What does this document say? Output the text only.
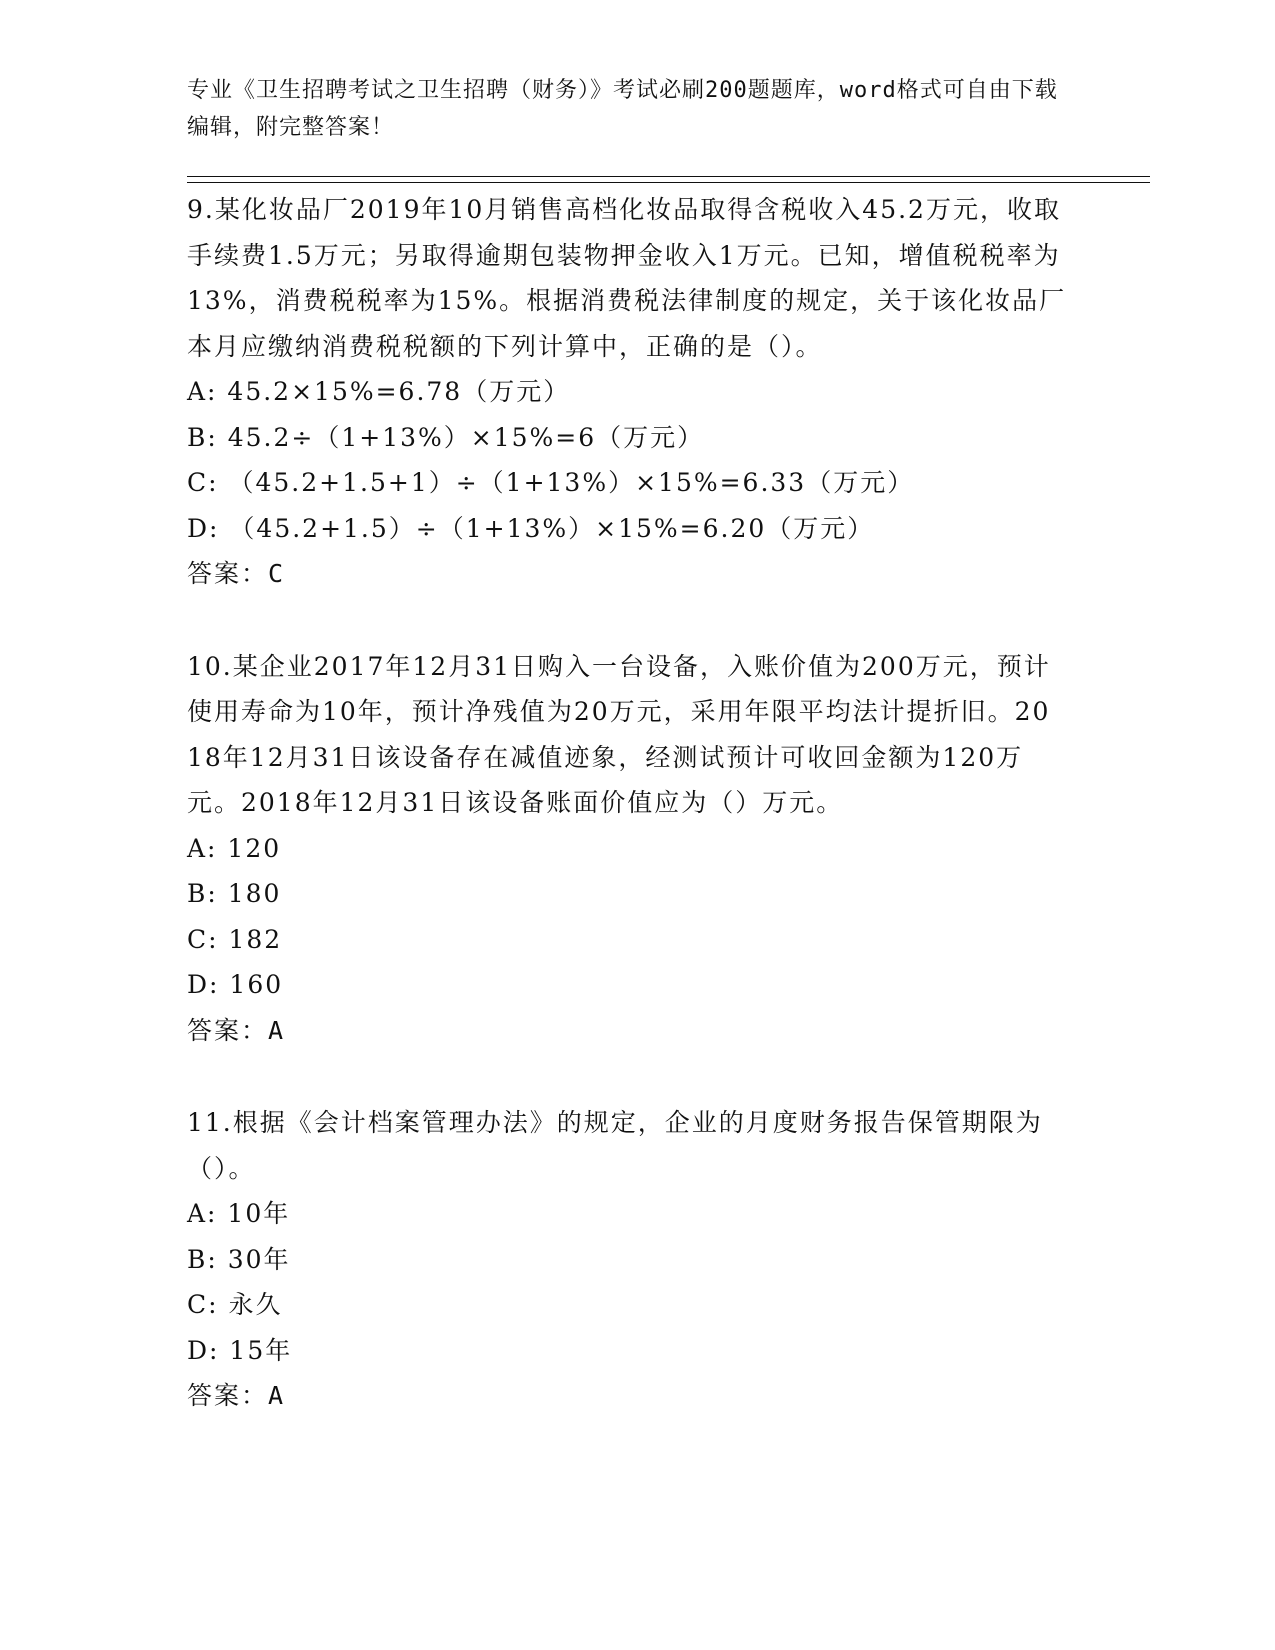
专业《卫生招聘考试之卫生招聘（财务）》考试必刷200题题库，word格式可自由下载编辑，附完整答案！
9.某化妆品厂2019年10月销售高档化妆品取得含税收入45.2万元，收取手续费1.5万元；另取得逾期包装物押金收入1万元。已知，增值税税率为13%，消费税税率为15%。根据消费税法律制度的规定，关于该化妆品厂本月应缴纳消费税税额的下列计算中，正确的是（）。
A: 45.2×15%=6.78（万元）
B: 45.2÷（1+13%）×15%=6（万元）
C: （45.2+1.5+1）÷（1+13%）×15%=6.33（万元）
D: （45.2+1.5）÷（1+13%）×15%=6.20（万元）
答案：C
10.某企业2017年12月31日购入一台设备，入账价值为200万元，预计使用寿命为10年，预计净残值为20万元，采用年限平均法计提折旧。2018年12月31日该设备存在减值迹象，经测试预计可收回金额为120万元。2018年12月31日该设备账面价值应为（）万元。
A: 120
B: 180
C: 182
D: 160
答案：A
11.根据《会计档案管理办法》的规定，企业的月度财务报告保管期限为（）。
A: 10年
B: 30年
C: 永久
D: 15年
答案：A
